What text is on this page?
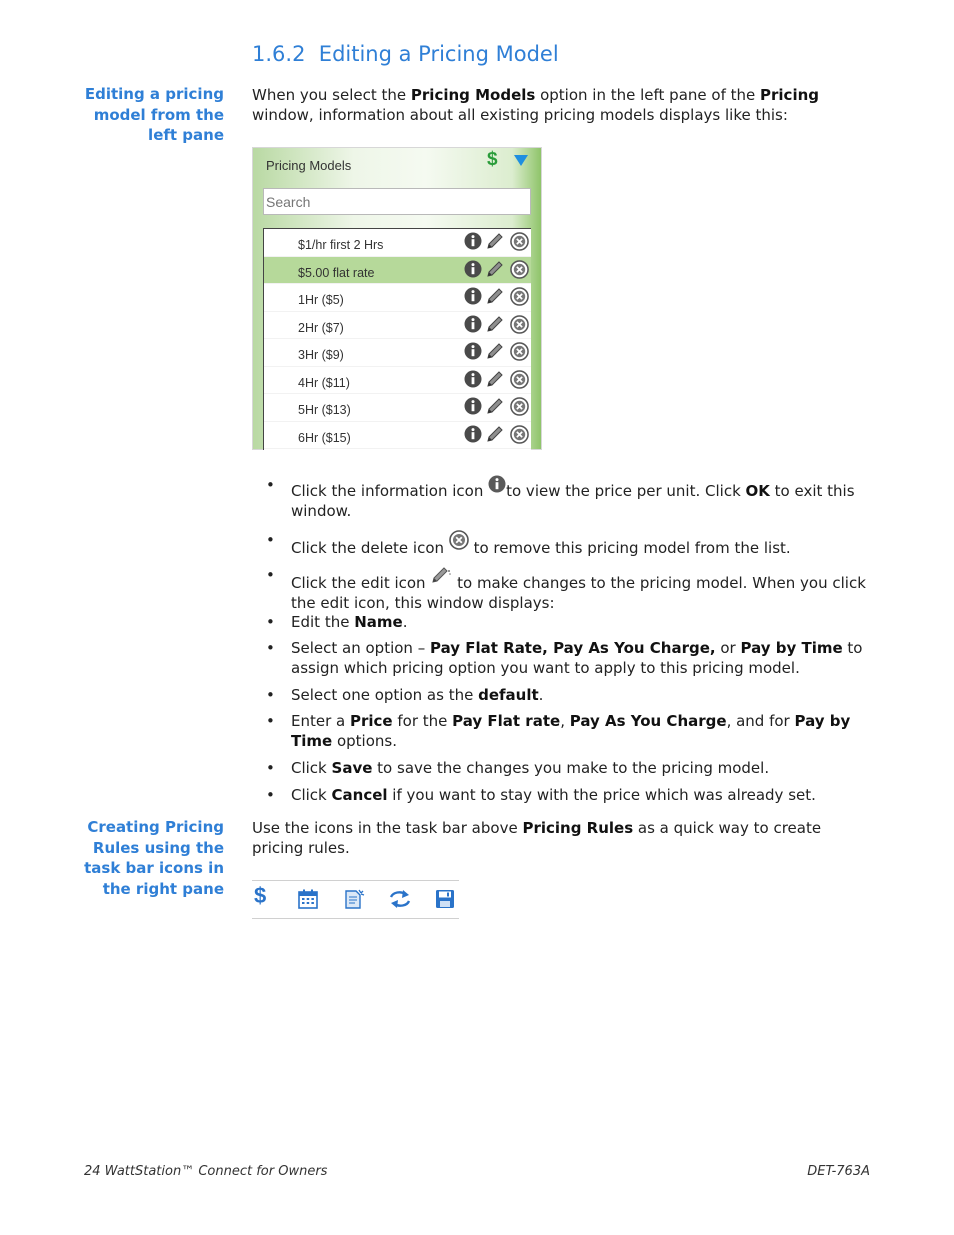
1.6.2 Editing a Pricing Model
Editing a pricing model from the left pane

When you select the Pricing Models option in the left pane of the Pricing window, information about all existing pricing models displays like this:

Pricing Models	$
Search
$1/hr first 2 Hrs
$5.00 flat rate
1Hr ($5)
2Hr ($7)
3Hr ($9)
4Hr ($11)
5Hr ($13)
6Hr ($15)
• Click the information icon to view the price per unit. Click OK to exit this window.
• Click the delete icon  to remove this pricing model from the list.
• Click the edit icon  to make changes to the pricing model. When you click the edit icon, this window displays:
• Edit the Name.
• Select an option – Pay Flat Rate, Pay As You Charge, or Pay by Time to assign which pricing option you want to apply to this pricing model.
• Select one option as the default.
• Enter a Price for the Pay Flat rate, Pay As You Charge, and for Pay by Time options.
• Click Save to save the changes you make to the pricing model.
• Click Cancel if you want to stay with the price which was already set.
Creating Pricing Rules using the task bar icons in the right pane

Use the icons in the task bar above Pricing Rules as a quick way to create pricing rules.

$
24 WattStation™ Connect for Owners	DET-763A
